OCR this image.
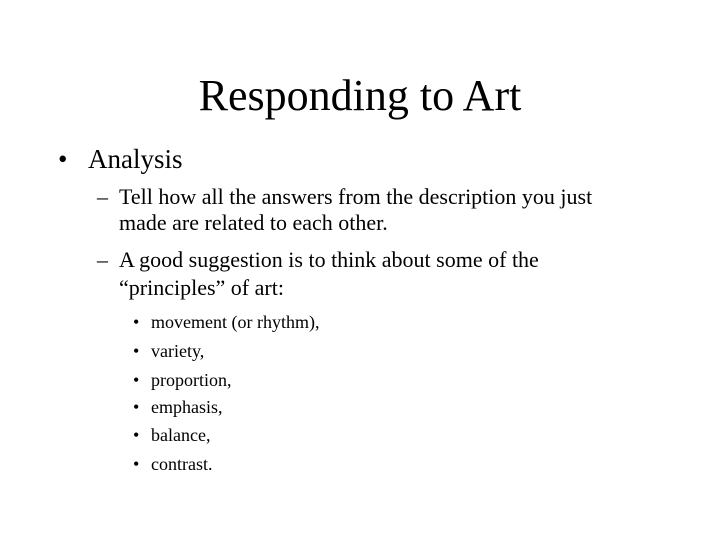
Responding to Art
• Analysis
– Tell how all the answers from the description you just
made are related to each other.
– A good suggestion is to think about some of the
“principles” of art:
• movement (or rhythm),
• variety,
• proportion,
• emphasis,
• balance,
• contrast.
